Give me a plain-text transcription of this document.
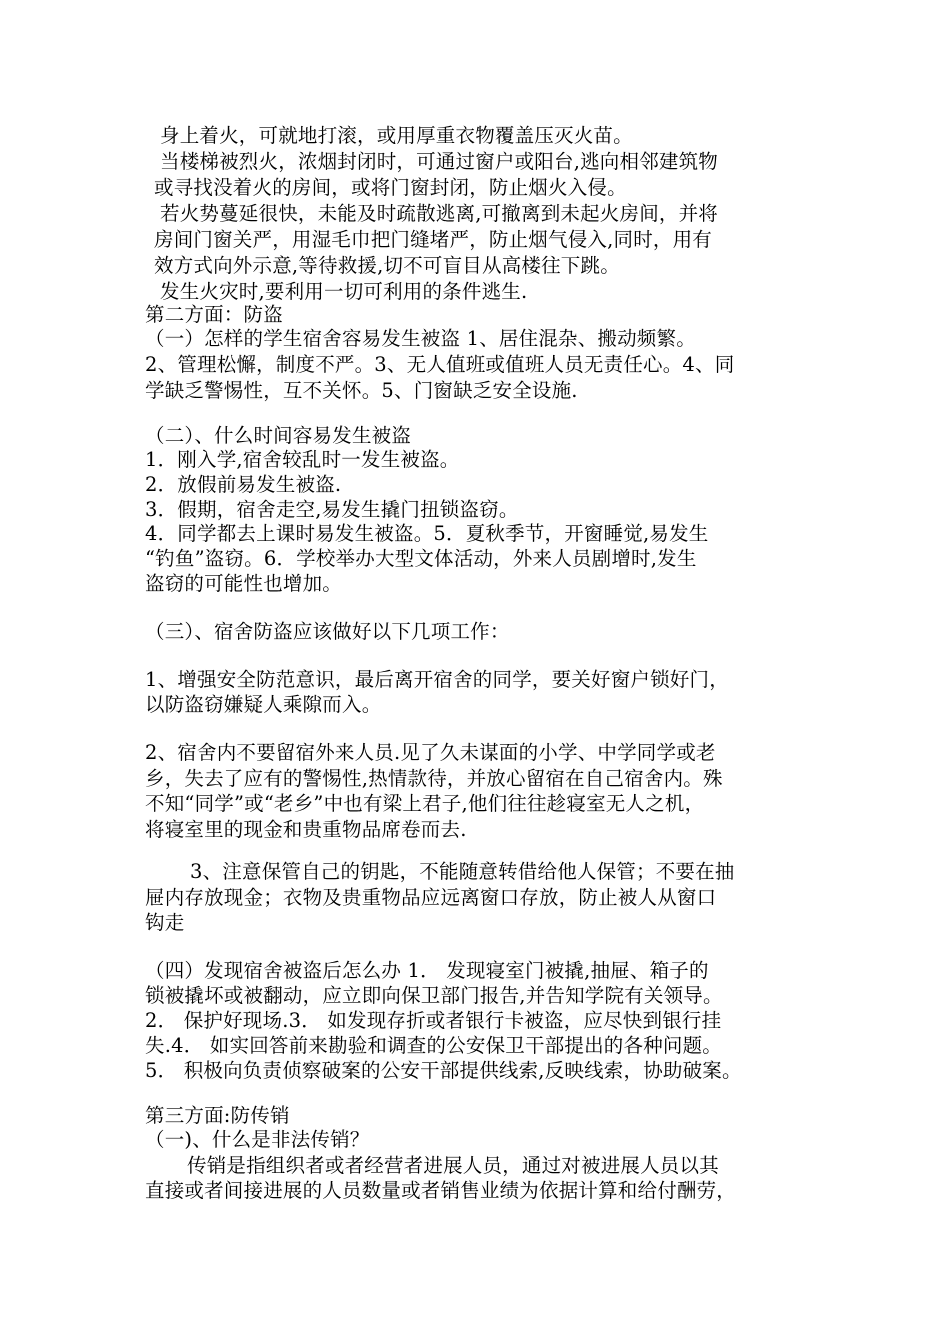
身上着火，可就地打滚，或用厚重衣物覆盖压灭火苗。
当楼梯被烈火，浓烟封闭时，可通过窗户或阳台,逃向相邻建筑物
或寻找没着火的房间，或将门窗封闭，防止烟火入侵。
若火势蔓延很快，未能及时疏散逃离,可撤离到未起火房间，并将
房间门窗关严，用湿毛巾把门缝堵严，防止烟气侵入,同时，用有
效方式向外示意,等待救援,切不可盲目从高楼往下跳。
发生火灾时,要利用一切可利用的条件逃生.
第二方面：防盗
（一）怎样的学生宿舍容易发生被盗 1、居住混杂、搬动频繁。
2、管理松懈，制度不严。3、无人值班或值班人员无责任心。4、同
学缺乏警惕性，互不关怀。5、门窗缺乏安全设施.
（二）、什么时间容易发生被盗
1．刚入学,宿舍较乱时一发生被盗。
2．放假前易发生被盗.
3．假期，宿舍走空,易发生撬门扭锁盗窃。
4．同学都去上课时易发生被盗。5．夏秋季节，开窗睡觉,易发生
“钓鱼”盗窃。6．学校举办大型文体活动，外来人员剧增时,发生
盗窃的可能性也增加。
（三）、宿舍防盗应该做好以下几项工作：
1、增强安全防范意识，最后离开宿舍的同学，要关好窗户锁好门，
以防盗窃嫌疑人乘隙而入。
2、宿舍内不要留宿外来人员.见了久未谋面的小学、中学同学或老
乡，失去了应有的警惕性,热情款待，并放心留宿在自己宿舍内。殊
不知“同学”或“老乡”中也有梁上君子,他们往往趁寝室无人之机，
将寝室里的现金和贵重物品席卷而去.
3、注意保管自己的钥匙，不能随意转借给他人保管；不要在抽
屉内存放现金；衣物及贵重物品应远离窗口存放，防止被人从窗口
钩走
（四）发现宿舍被盗后怎么办 1． 发现寝室门被撬,抽屉、箱子的
锁被撬坏或被翻动，应立即向保卫部门报告,并告知学院有关领导。
2． 保护好现场.3． 如发现存折或者银行卡被盗，应尽快到银行挂
失.4． 如实回答前来勘验和调查的公安保卫干部提出的各种问题。
5． 积极向负责侦察破案的公安干部提供线索,反映线索，协助破案。
第三方面:防传销
（一)、什么是非法传销？
传销是指组织者或者经营者进展人员，通过对被进展人员以其
直接或者间接进展的人员数量或者销售业绩为依据计算和给付酬劳，
